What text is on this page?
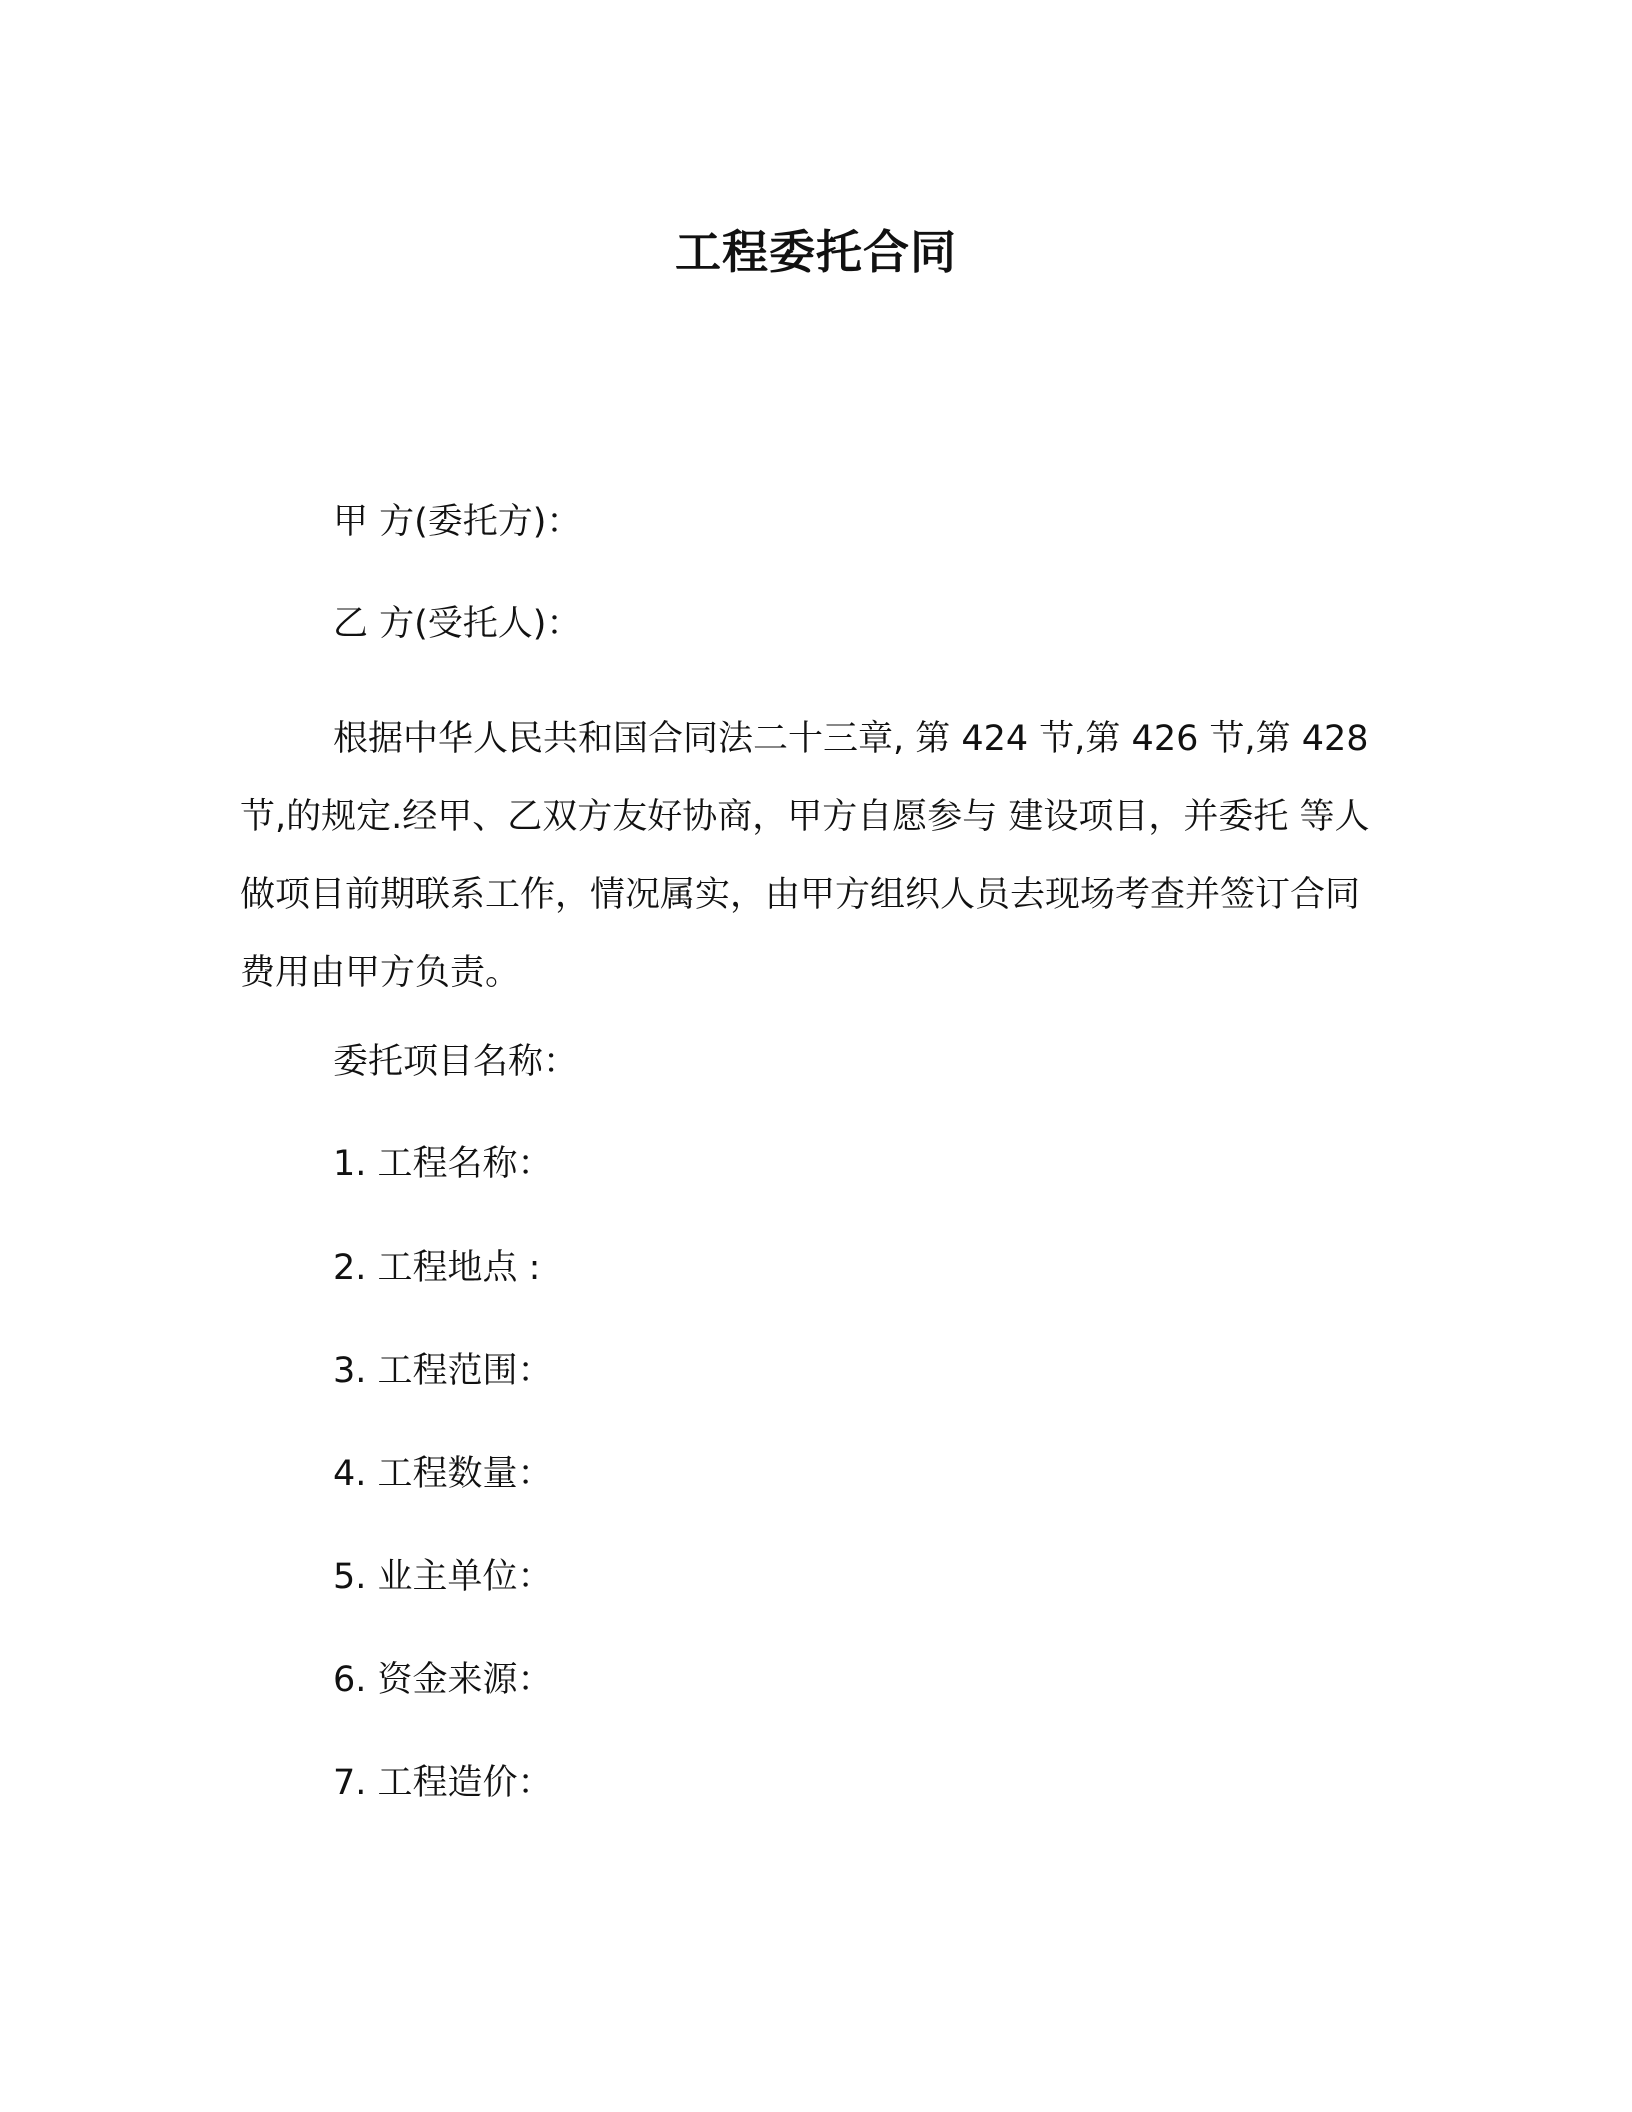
工程委托合同
甲 方(委托方)：
乙 方(受托人)：
根据中华人民共和国合同法二十三章, 第 424 节,第 426 节,第 428 节,的规定.经甲、乙双方友好协商，甲方自愿参与 建设项目，并委托 等人做项目前期联系工作，情况属实，由甲方组织人员去现场考查并签订合同费用由甲方负责。
委托项目名称：
1. 工程名称：
2. 工程地点 :
3. 工程范围：
4. 工程数量：
5. 业主单位：
6. 资金来源：
7. 工程造价：
